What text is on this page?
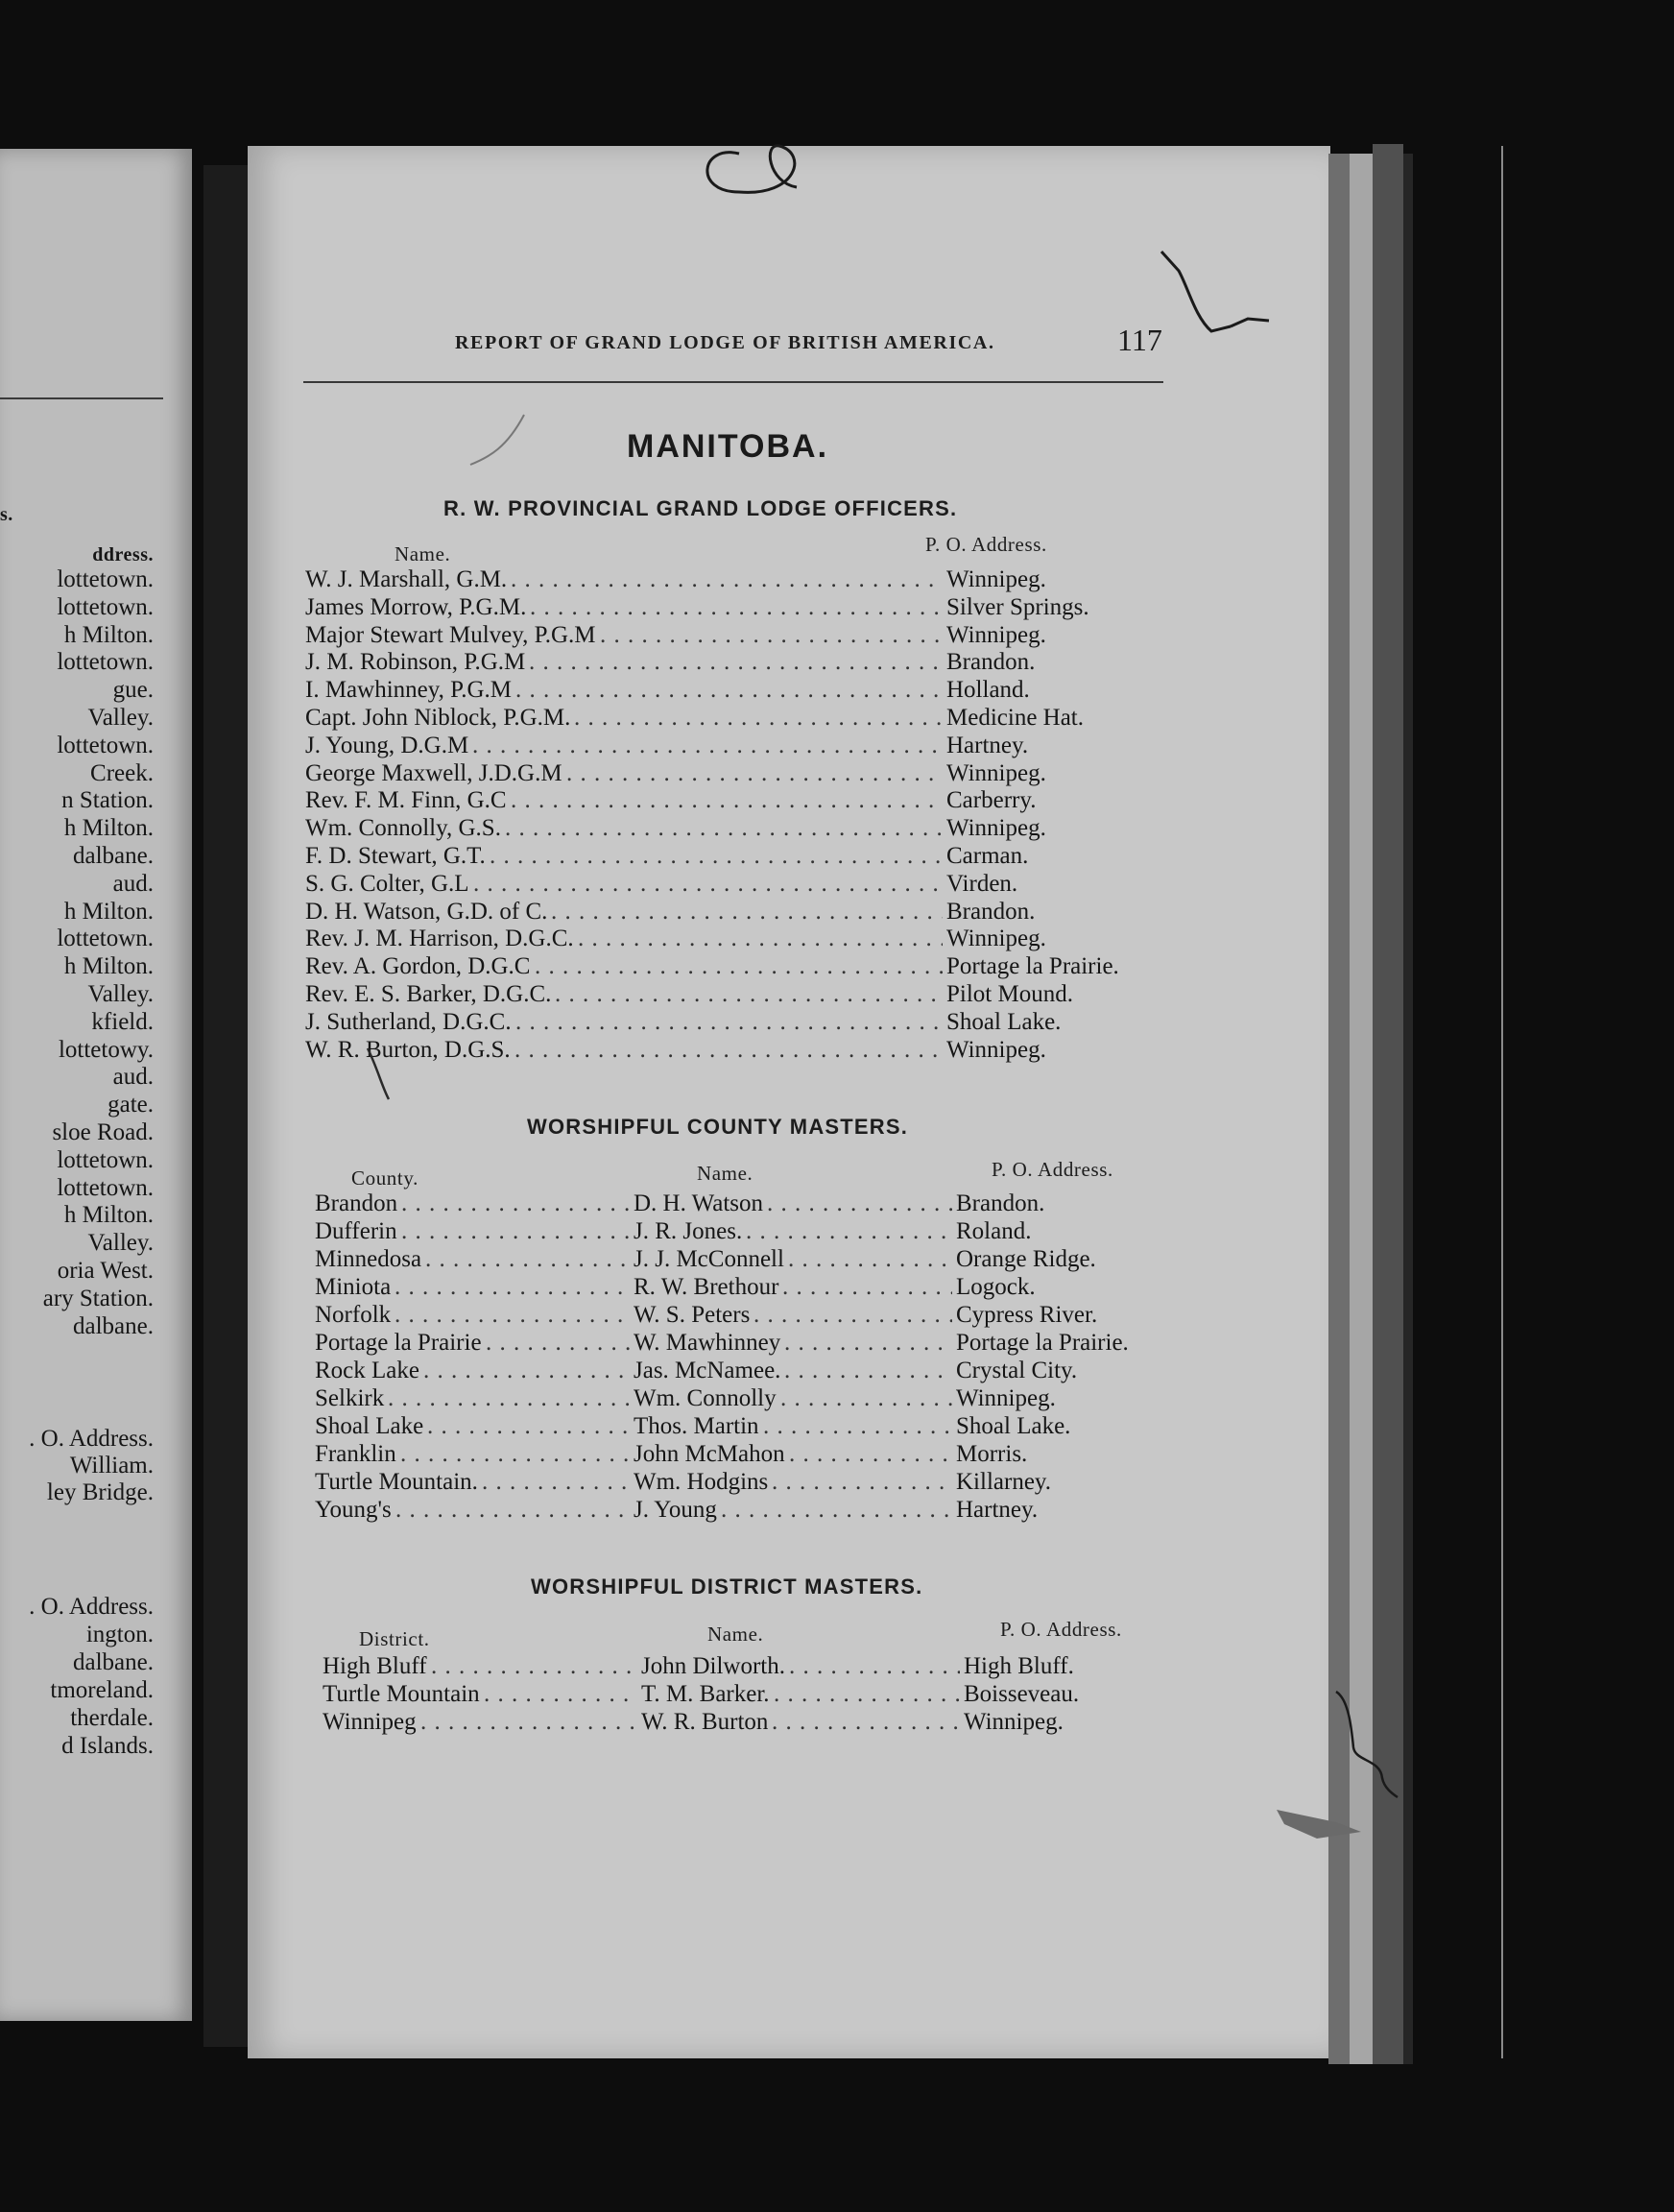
s.
ddress.
lottetown.
lottetown.
h Milton.
lottetown.
gue.
Valley.
lottetown.
Creek.
n Station.
h Milton.
dalbane.
aud.
h Milton.
lottetown.
h Milton.
Valley.
kfield.
lottetowy.
aud.
gate.
sloe Road.
lottetown.
lottetown.
h Milton.
Valley.
oria West.
ary Station.
dalbane.
. O. Address.
William.
ley Bridge.
. O. Address.
ington.
dalbane.
tmoreland.
therdale.
d Islands.
REPORT OF GRAND LODGE OF BRITISH AMERICA.	117
MANITOBA.
R. W. PROVINCIAL GRAND LODGE OFFICERS.
Name.	P. O. Address.
W. J. Marshall, G.M. . . .	Winnipeg.
James Morrow, P.G.M. . . .	Silver Springs.
Major Stewart Mulvey, P.G.M . . .	Winnipeg.
J. M. Robinson, P.G.M . . .	Brandon.
I. Mawhinney, P.G.M . . .	Holland.
Capt. John Niblock, P.G.M. . . .	Medicine Hat.
J. Young, D.G.M . . .	Hartney.
George Maxwell, J.D.G.M . . .	Winnipeg.
Rev. F. M. Finn, G.C . . .	Carberry.
Wm. Connolly, G.S. . . .	Winnipeg.
F. D. Stewart, G.T. . . .	Carman.
S. G. Colter, G.L . . .	Virden.
D. H. Watson, G.D. of C. . . .	Brandon.
Rev. J. M. Harrison, D.G.C. . . .	Winnipeg.
Rev. A. Gordon, D.G.C . . .	Portage la Prairie.
Rev. E. S. Barker, D.G.C. . . .	Pilot Mound.
J. Sutherland, D.G.C. . . .	Shoal Lake.
W. R. Burton, D.G.S. . . .	Winnipeg.
WORSHIPFUL COUNTY MASTERS.
County.	Name.	P. O. Address.
Brandon . . .	D. H. Watson . . .	Brandon.
Dufferin . . .	J. R. Jones. . . .	Roland.
Minnedosa . . .	J. J. McConnell . . .	Orange Ridge.
Miniota . . .	R. W. Brethour . . .	Logock.
Norfolk . . .	W. S. Peters . . .	Cypress River.
Portage la Prairie . . .	W. Mawhinney . . .	Portage la Prairie.
Rock Lake . . .	Jas. McNamee. . . .	Crystal City.
Selkirk . . .	Wm. Connolly . . .	Winnipeg.
Shoal Lake . . .	Thos. Martin . . .	Shoal Lake.
Franklin . . .	John McMahon . . .	Morris.
Turtle Mountain. . . .	Wm. Hodgins . . .	Killarney.
Young's . . .	J. Young . . .	Hartney.
WORSHIPFUL DISTRICT MASTERS.
District.	Name.	P. O. Address.
High Bluff . . .	John Dilworth. . . .	High Bluff.
Turtle Mountain . . .	T. M. Barker. . . .	Boisseveau.
Winnipeg . . .	W. R. Burton . . .	Winnipeg.
